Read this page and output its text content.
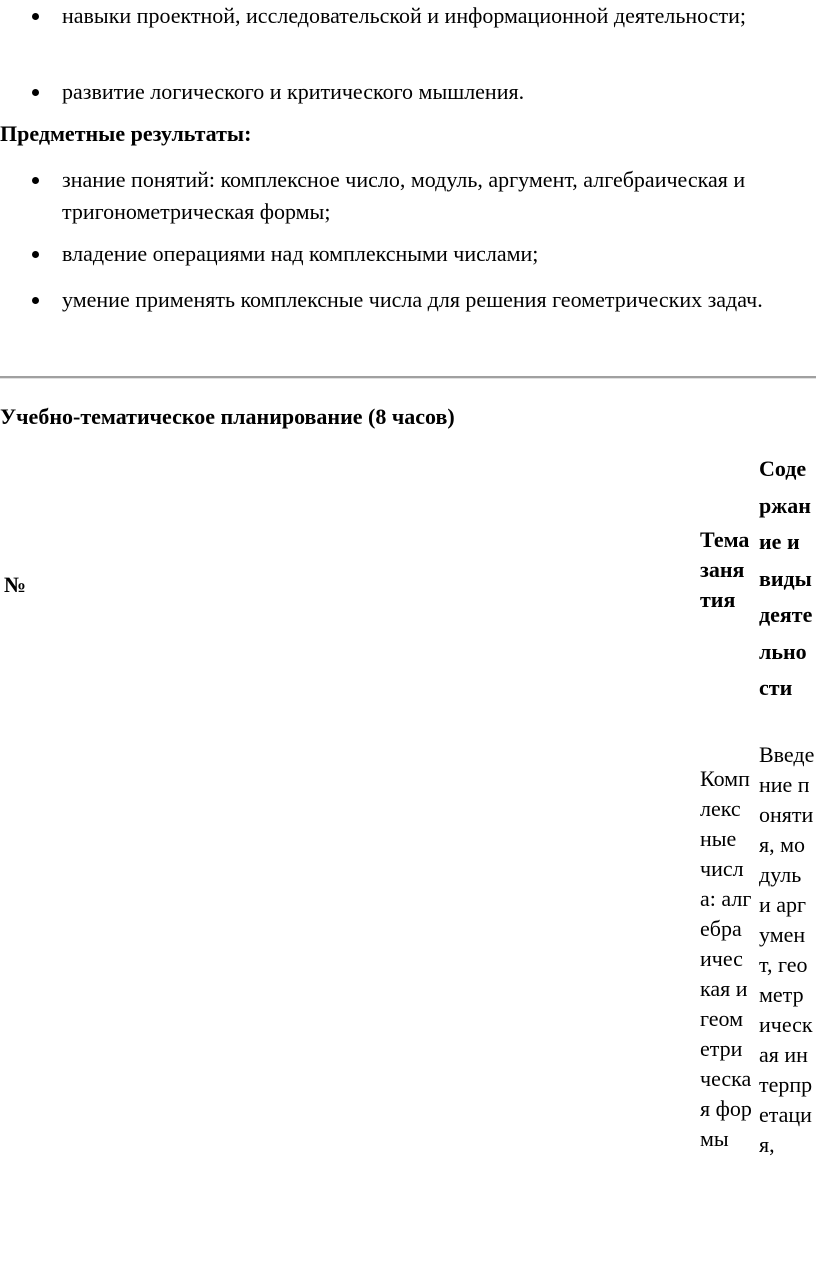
навыки проектной, исследовательской и информационной деятельности;
развитие логического и критического мышления.
Предметные результаты:
знание понятий: комплексное число, модуль, аргумент, алгебраическая и тригонометрическая формы;
владение операциями над комплексными числами;
умение применять комплексные числа для решения геометрических задач.
Учебно-тематическое планирование (8 часов)
№
Тема занятия
Содержание и виды деятельности
Комплексные числа: алгебраическая и геометрическая формы
Введение понятия, модуль и аргумент, геометрическая интерпретация,
